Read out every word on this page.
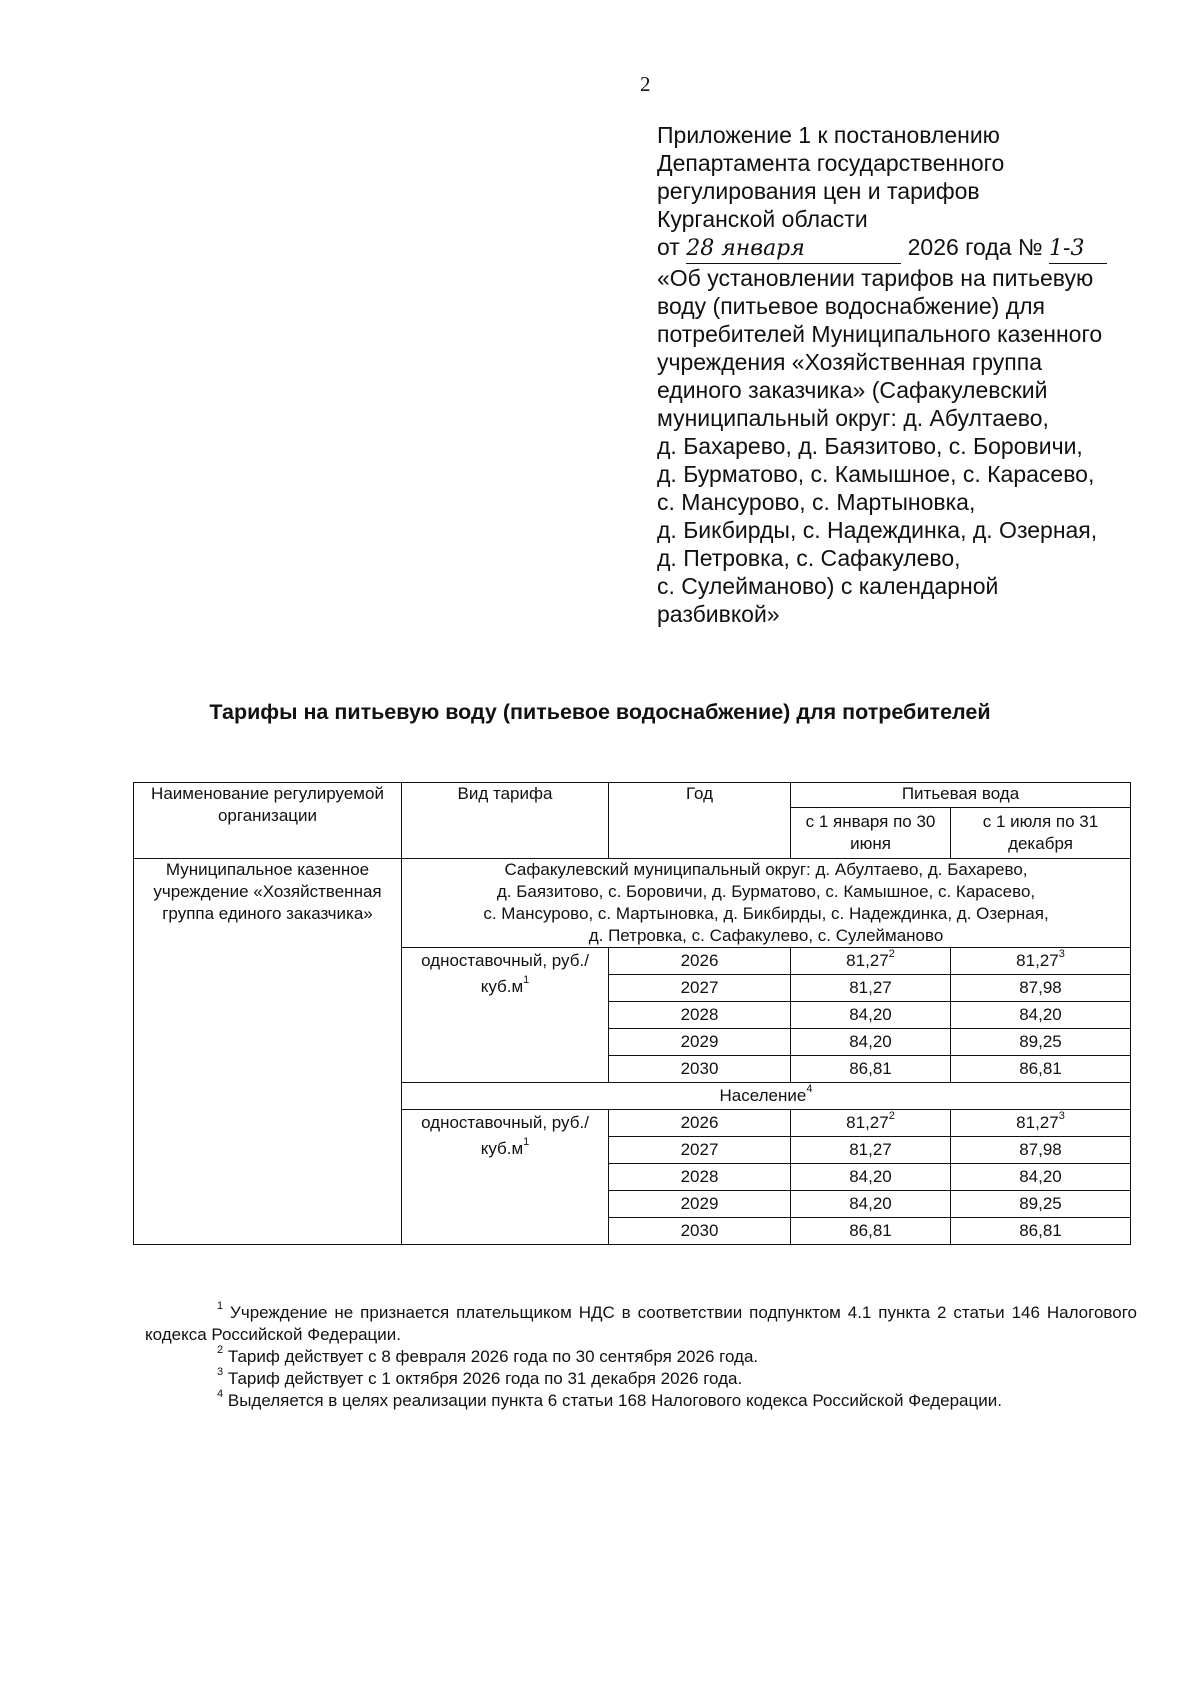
2
Приложение 1 к постановлению
Департамента государственного
регулирования цен и тарифов
Курганской области
от 28 января	2026 года № 1-3
«Об установлении тарифов на питьевую
воду (питьевое водоснабжение) для
потребителей Муниципального казенного
учреждения «Хозяйственная группа
единого заказчика» (Сафакулевский
муниципальный округ: д. Абултаево,
д. Бахарево, д. Баязитово, с. Боровичи,
д. Бурматово, с. Камышное, с. Карасево,
с. Мансурово, с. Мартыновка,
д. Бикбирды, с. Надеждинка, д. Озерная,
д. Петровка, с. Сафакулево,
с. Сулейманово) с календарной
разбивкой»
Тарифы на питьевую воду (питьевое водоснабжение) для потребителей
Наименование регулируемой организации	Вид тарифа	Год	Питьевая вода	
			с 1 января по 30 июня	с 1 июля по 31 декабря
Муниципальное казенное учреждение «Хозяйственная группа единого заказчика»	Сафакулевский муниципальный округ: д. Абултаево, д. Бахарево,
д. Баязитово, с. Боровичи, д. Бурматово, с. Камышное, с. Карасево,
с. Мансурово, с. Мартыновка, д. Бикбирды, с. Надеждинка, д. Озерная,
д. Петровка, с. Сафакулево, с. Сулейманово			

	одноставочный, $руб./куб.м^1$	2026	81,27$^2$	81,27$^3$
		2027	81,27	87,98
		2028	84,20	84,20
		2029	84,20	89,25
		2030	86,81	86,81
	Население$^4$
	одноставочный, $руб./куб.м^1$	2026	81,27$^2$	81,27$^3$
		2027	81,27	87,98
		2028	84,20	84,20
		2029	84,20	89,25
		2030	86,81	86,81

$^1$ Учреждение не признается плательщиком НДС в соответствии подпунктом 4.1 пункта 2 статьи 146 Налогового кодекса Российской Федерации.

$^2$ Тариф действует с 8 февраля 2026 года по 30 сентября 2026 года.

$^3$ Тариф действует с 1 октября 2026 года по 31 декабря 2026 года.

$^4$ Выделяется в целях реализации пункта 6 статьи 168 Налогового кодекса Российской Федерации.
